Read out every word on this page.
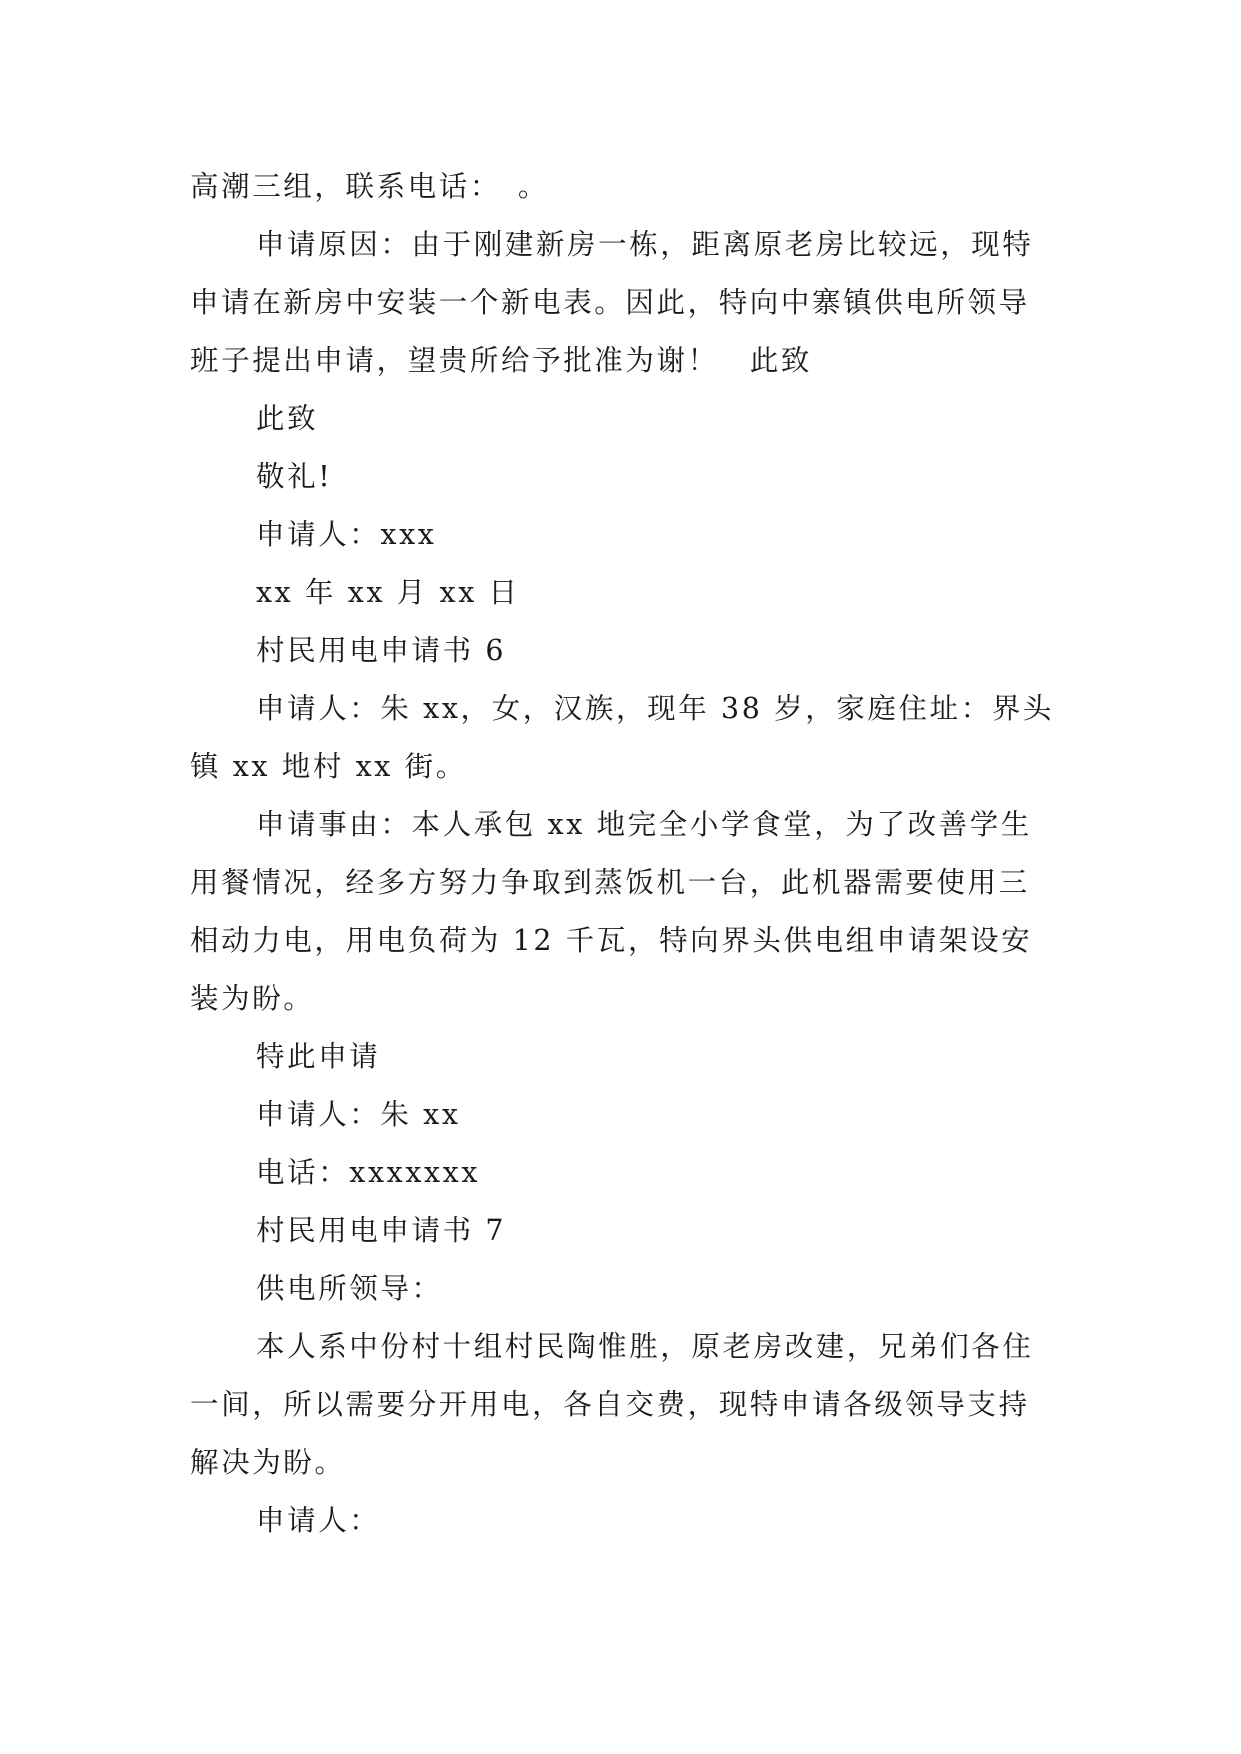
高潮三组，联系电话：　。

申请原因：由于刚建新房一栋，距离原老房比较远，现特申请在新房中安装一个新电表。因此，特向中寨镇供电所领导班子提出申请，望贵所给予批准为谢！　此致

此致

敬礼!

申请人：xxx

xx 年 xx 月 xx 日

村民用电申请书 6

申请人：朱 xx，女，汉族，现年 38 岁，家庭住址：界头镇 xx 地村 xx 街。

申请事由：本人承包 xx 地完全小学食堂，为了改善学生用餐情况，经多方努力争取到蒸饭机一台，此机器需要使用三相动力电，用电负荷为 12 千瓦，特向界头供电组申请架设安装为盼。

特此申请

申请人：朱 xx

电话：xxxxxxx

村民用电申请书 7

供电所领导：

本人系中份村十组村民陶惟胜，原老房改建，兄弟们各住一间，所以需要分开用电，各自交费，现特申请各级领导支持解决为盼。

申请人：
